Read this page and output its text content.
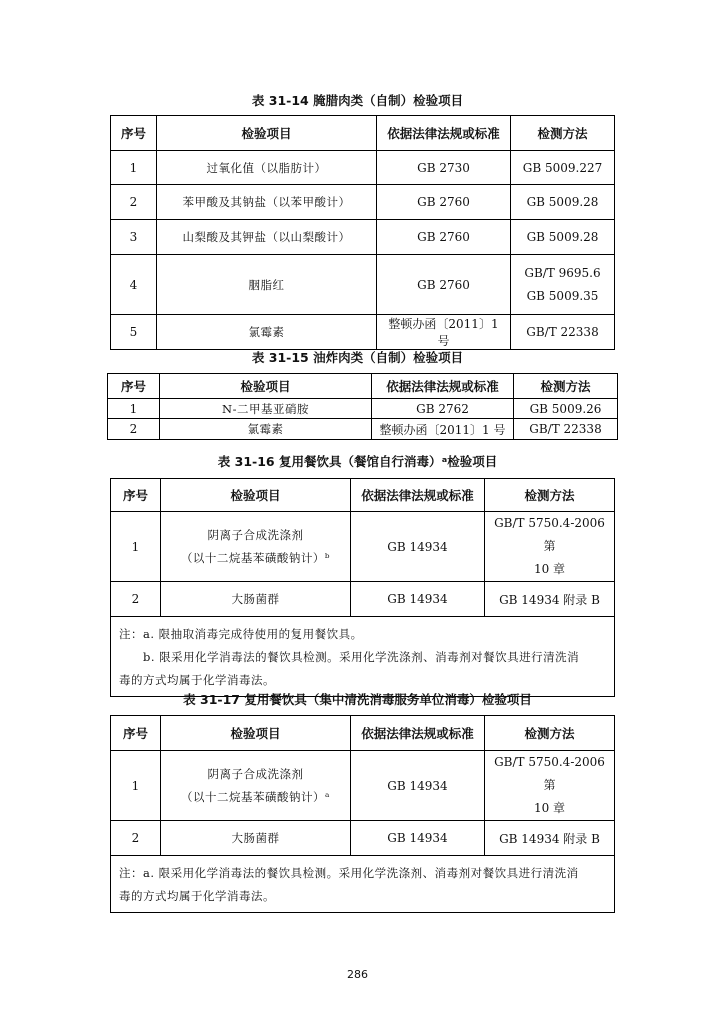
表 31-14 腌腊肉类（自制）检验项目
序号	检验项目	依据法律法规或标准	检测方法
1	过氧化值（以脂肪计）	GB 2730	GB 5009.227
2	苯甲酸及其钠盐（以苯甲酸计）	GB 2760	GB 5009.28
3	山梨酸及其钾盐（以山梨酸计）	GB 2760	GB 5009.28
4	胭脂红	GB 2760	GB/T 9695.6
GB 5009.35

5	氯霉素	整顿办函〔2011〕1 号	GB/T 22338
表 31-15 油炸肉类（自制）检验项目
序号	检验项目	依据法律法规或标准	检测方法
1	N-二甲基亚硝胺	GB 2762	GB 5009.26
2	氯霉素	整顿办函〔2011〕1 号	GB/T 22338
表 31-16 复用餐饮具（餐馆自行消毒）ᵃ检验项目
序号	检验项目	依据法律法规或标准	检测方法
1	阴离子合成洗涤剂
（以十二烷基苯磺酸钠计）ᵇ	GB 14934	GB/T 5750.4-2006 第
10 章

2	大肠菌群	GB 14934	GB 14934 附录 B

注：a. 限抽取消毒完成待使用的复用餐饮具。
b. 限采用化学消毒法的餐饮具检测。采用化学洗涤剂、消毒剂对餐饮具进行清洗消
毒的方式均属于化学消毒法。			
表 31-17 复用餐饮具（集中清洗消毒服务单位消毒）检验项目
序号	检验项目	依据法律法规或标准	检测方法
1	阴离子合成洗涤剂
（以十二烷基苯磺酸钠计）ᵃ	GB 14934	GB/T 5750.4-2006 第
10 章

2	大肠菌群	GB 14934	GB 14934 附录 B

注：a. 限采用化学消毒法的餐饮具检测。采用化学洗涤剂、消毒剂对餐饮具进行清洗消
毒的方式均属于化学消毒法。			
286
